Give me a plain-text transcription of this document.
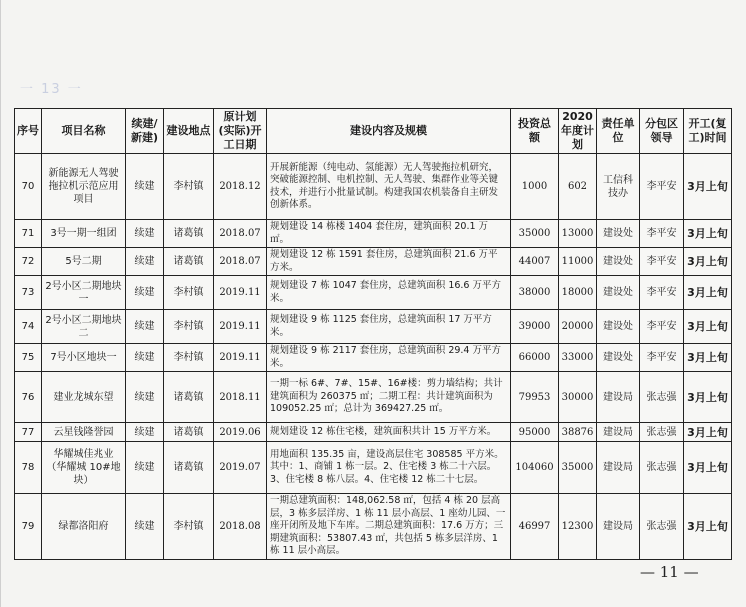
一 13 一
序号	项目名称	续建/新建)	建设地点	原计划(实际)开工日期	建设内容及规模	投资总额	2020年度计划	责任单位	分包区领导	开工(复工)时间
70	新能源无人驾驶拖拉机示范应用项目	续建	李村镇	2018.12	开展新能源（纯电动、氢能源）无人驾驶拖拉机研究，突破能源控制、电机控制、无人驾驶、集群作业等关键技术，并进行小批量试制。构建我国农机装备自主研发创新体系。	1000	602	工信科技办	李平安	3月上旬
71	3号一期一组团	续建	诸葛镇	2018.07	规划建设 14 栋楼 1404 套住房，建筑面积 20.1 万㎡。	35000	13000	建设处	李平安	3月上旬
72	5号二期	续建	诸葛镇	2018.07	规划建设 12 栋 1591 套住房，总建筑面积 21.6 万平方米。	44007	11000	建设处	李平安	3月上旬
73	2号小区二期地块一	续建	李村镇	2019.11	规划建设 7 栋 1047 套住房，总建筑面积 16.6 万平方米。	38000	18000	建设处	李平安	3月上旬
74	2号小区二期地块二	续建	李村镇	2019.11	规划建设 9 栋 1125 套住房，总建筑面积 17 万平方米。	39000	20000	建设处	李平安	3月上旬
75	7号小区地块一	续建	李村镇	2019.11	规划建设 9 栋 2117 套住房，总建筑面积 29.4 万平方米。	66000	33000	建设处	李平安	3月上旬
76	建业龙城东望	续建	诸葛镇	2018.11	一期一标 6#、7#、15#、16#楼：剪力墙结构；共计建筑面积为 260375 ㎡；二期工程：共计建筑面积为 109052.25 ㎡；总计为 369427.25 ㎡。	79953	30000	建设局	张志强	3月上旬
77	云星钱隆誉园	续建	诸葛镇	2019.06	规划建设 12 栋住宅楼，建筑面积共计 15 万平方米。	95000	38876	建设局	张志强	3月上旬
78	华耀城佳兆业（华耀城 10#地块）	续建	诸葛镇	2019.07	用地面积 135.35 亩，建设高层住宅 308585 平方米。其中：1、商铺 1 栋一层。2、住宅楼 3 栋二十六层。3、住宅楼 8 栋八层。4、住宅楼 12 栋二十七层。	104060	35000	建设局	张志强	3月上旬
79	绿都洛阳府	续建	李村镇	2018.08	一期总建筑面积：148,062.58 ㎡，包括 4 栋 20 层高层，3 栋多层洋房、1 栋 11 层小高层、1 座幼儿园、一座开闭所及地下车库。二期总建筑面积：17.6 万方；三期建筑面积：53807.43 ㎡，共包括 5 栋多层洋房、1 栋 11 层小高层。	46997	12300	建设局	张志强	3月上旬
— 11 —
